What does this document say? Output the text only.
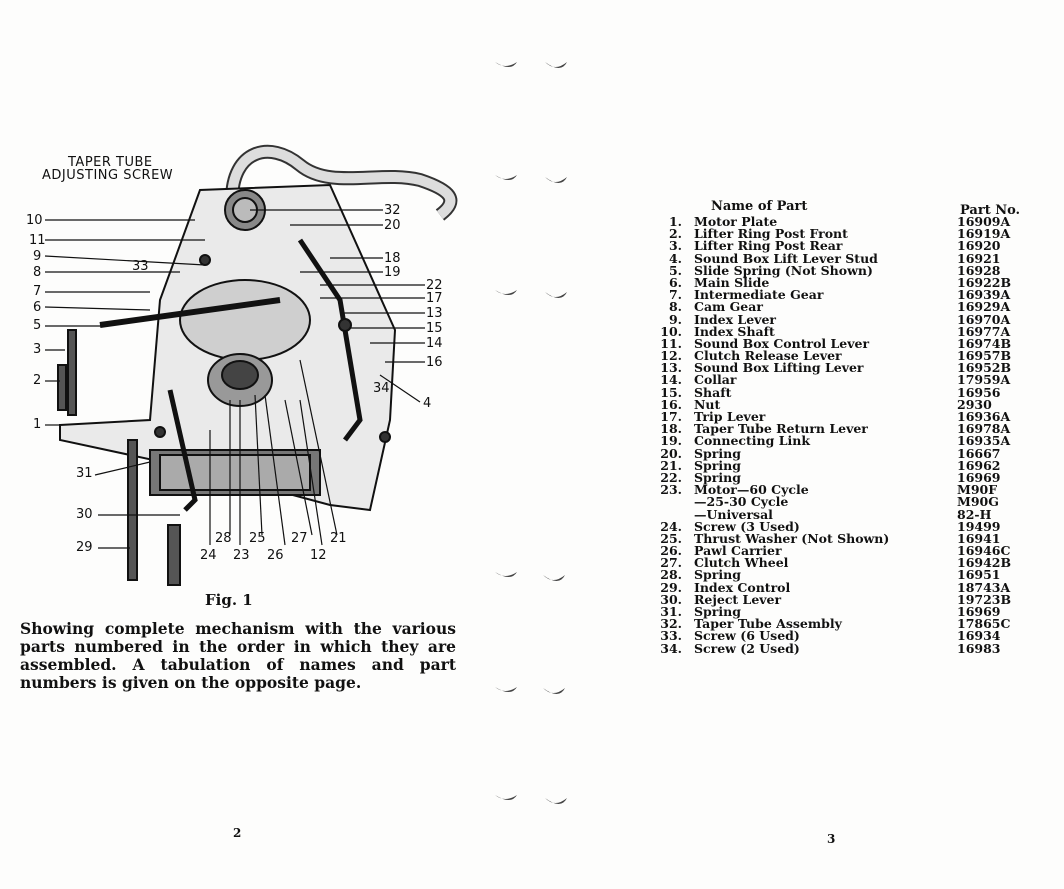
TAPER TUBE
ADJUSTING SCREW
10
11
9
8
7
6
5
3
2
1
32
20
18
19
22
17
13
15
14
16
4
33
34
31
30
29
28 25 27 21
24 23 26 12
Fig. 1
Showing complete mechanism with the various parts numbered in the order in which they are assembled. A tabulation of names and part numbers is given on the opposite page.
2
Name of Part	Part No.
1. Motor Plate	16909A
2. Lifter Ring Post Front	16919A
3. Lifter Ring Post Rear	16920
4. Sound Box Lift Lever Stud	16921
5. Slide Spring (Not Shown)	16928
6. Main Slide	16922B
7. Intermediate Gear	16939A
8. Cam Gear	16929A
9. Index Lever	16970A
10. Index Shaft	16977A
11. Sound Box Control Lever	16974B
12. Clutch Release Lever	16957B
13. Sound Box Lifting Lever	16952B
14. Collar	17959A
15. Shaft	16956
16. Nut	2930
17. Trip Lever	16936A
18. Taper Tube Return Lever	16978A
19. Connecting Link	16935A
20. Spring	16667
21. Spring	16962
22. Spring	16969
23. Motor—60 Cycle	M90F
—25-30 Cycle	M90G
—Universal	82-H
24. Screw (3 Used)	19499
25. Thrust Washer (Not Shown)	16941
26. Pawl Carrier	16946C
27. Clutch Wheel	16942B
28. Spring	16951
29. Index Control	18743A
30. Reject Lever	19723B
31. Spring	16969
32. Taper Tube Assembly	17865C
33. Screw (6 Used)	16934
34. Screw (2 Used)	16983
3
